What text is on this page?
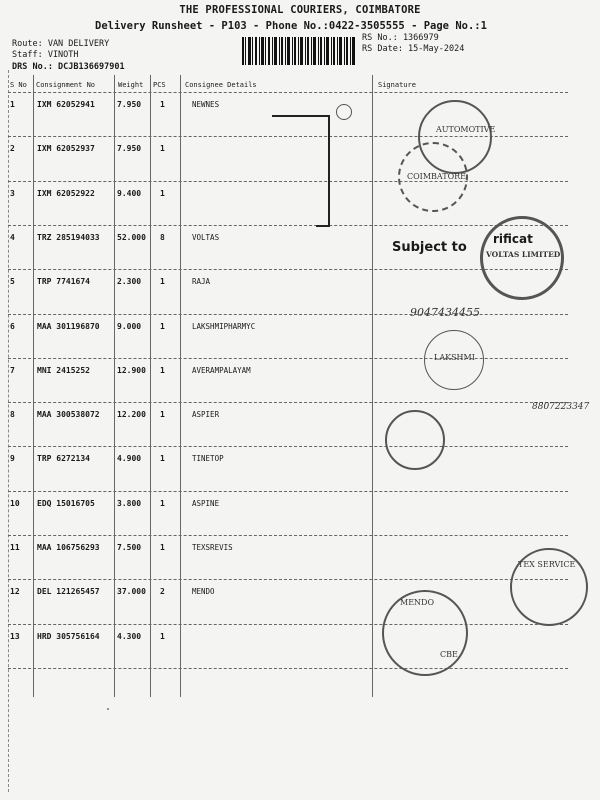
THE PROFESSIONAL COURIERS, COIMBATORE
Delivery Runsheet - P103 - Phone No.:0422-3505555 - Page No.:1
Route: VAN DELIVERY
Staff: VINOTH
DRS No.: DCJB136697901
RS No.: 1366979
RS Date: 15-May-2024
S No Consignment No	Weight PCS	Consignee Details	Signature
1	IXM 62052941	7.950 1	NEWNES
2	IXM 62052937	7.950 1
3	IXM 62052922	9.400 1
4	TRZ 285194033 52.000 8	VOLTAS
5	TRP 7741674	2.300 1	RAJA
6	MAA 301196870 9.000 1	LAKSHMIPHARMYC
7	MNI 2415252	12.900 1	AVERAMPALAYAM
8	MAA 300538072 12.200 1	ASPIER
9	TRP 6272134	4.900 1	TINETOP
10 EDQ 15016705	3.800 1	ASPINE
11 MAA 106756293 7.500 1	TEXSREVIS
12 DEL 121265457 37.000 2	MENDO
13 HRD 305756164 4.300 1
AUTOMOTIVE
COIMBATORE
VOLTAS LIMITED
Subject to
rificat
9047434455
LAKSHMI
8807223347
TEX SERVICE
MENDO
CBE
